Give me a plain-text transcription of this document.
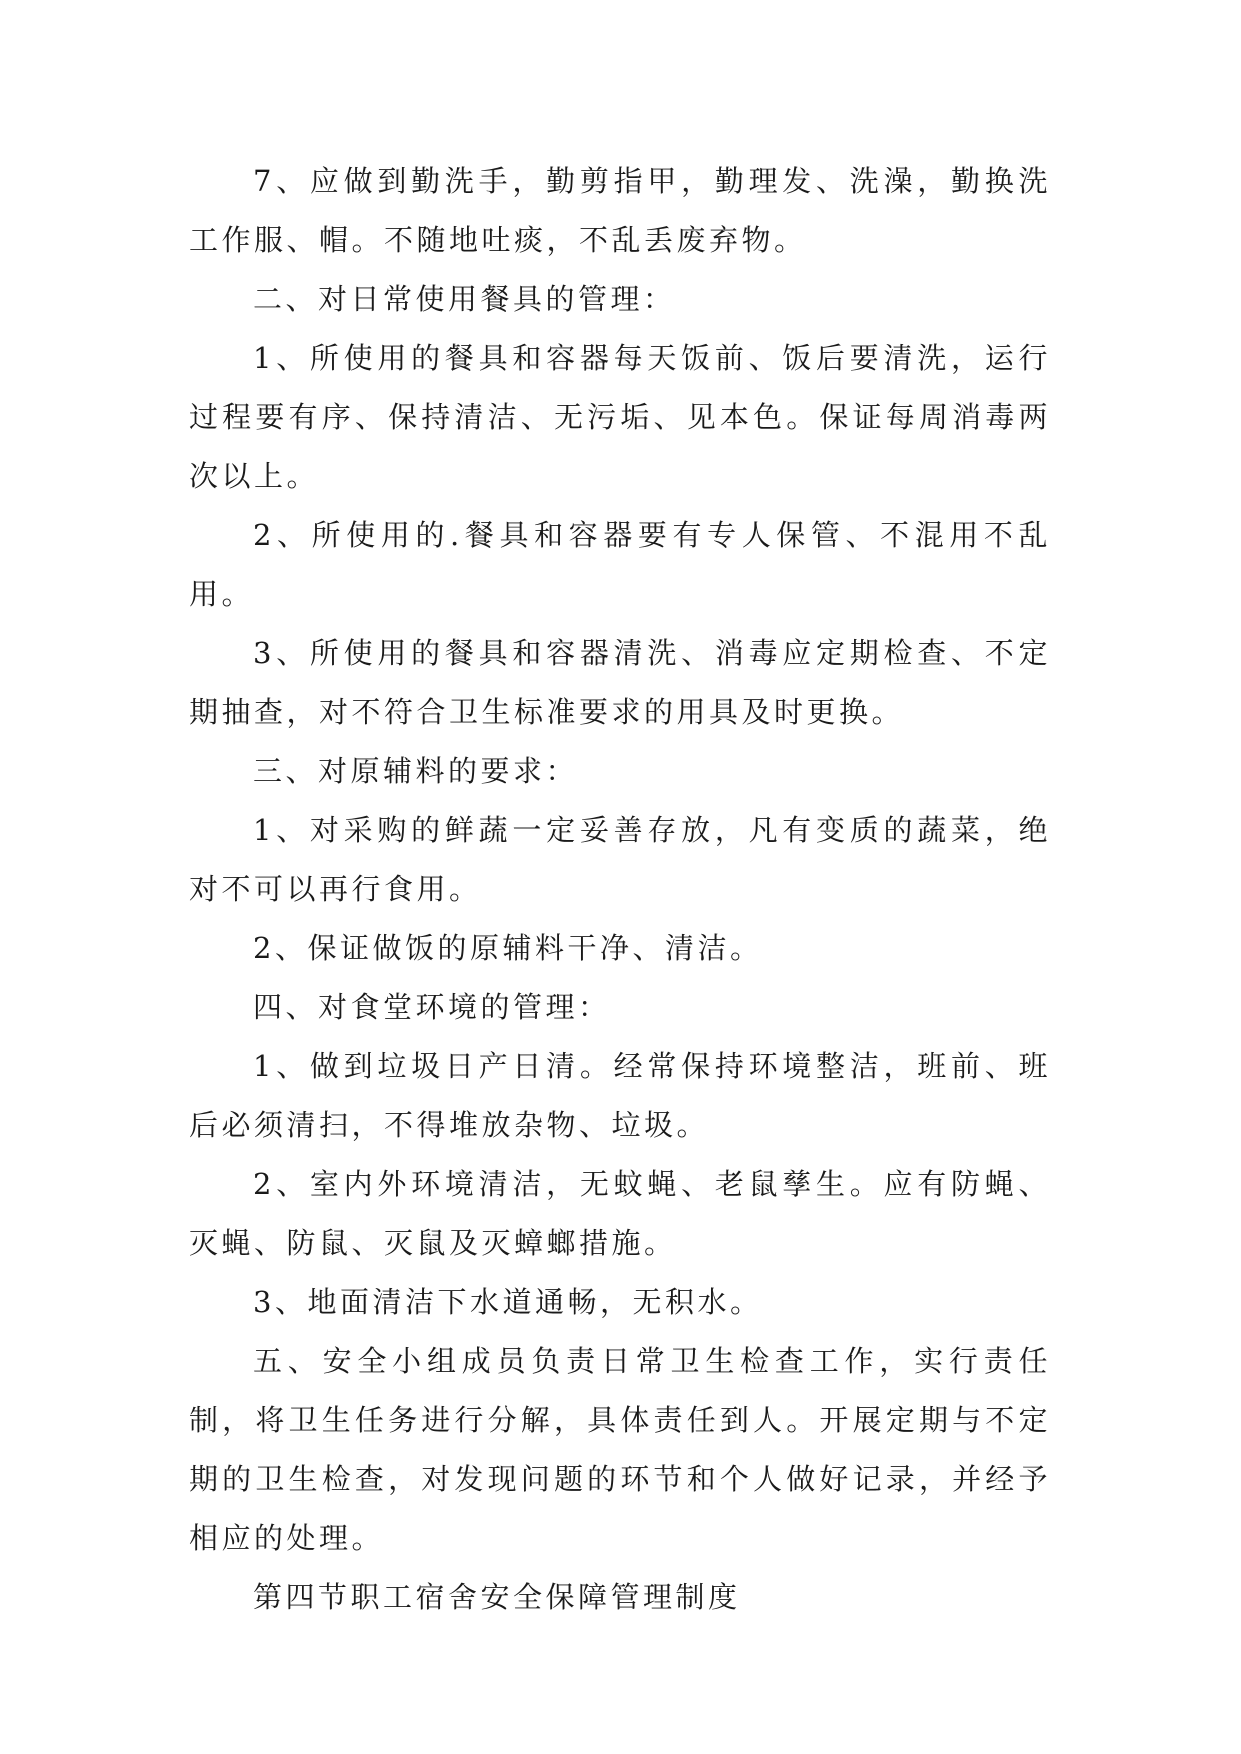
7、应做到勤洗手，勤剪指甲，勤理发、洗澡，勤换洗工作服、帽。不随地吐痰，不乱丢废弃物。

二、对日常使用餐具的管理：

1、所使用的餐具和容器每天饭前、饭后要清洗，运行过程要有序、保持清洁、无污垢、见本色。保证每周消毒两次以上。

2、所使用的.餐具和容器要有专人保管、不混用不乱用。

3、所使用的餐具和容器清洗、消毒应定期检查、不定期抽查，对不符合卫生标准要求的用具及时更换。

三、对原辅料的要求：

1、对采购的鲜蔬一定妥善存放，凡有变质的蔬菜，绝对不可以再行食用。

2、保证做饭的原辅料干净、清洁。

四、对食堂环境的管理：

1、做到垃圾日产日清。经常保持环境整洁，班前、班后必须清扫，不得堆放杂物、垃圾。

2、室内外环境清洁，无蚊蝇、老鼠孳生。应有防蝇、灭蝇、防鼠、灭鼠及灭蟑螂措施。

3、地面清洁下水道通畅，无积水。

五、安全小组成员负责日常卫生检查工作，实行责任制，将卫生任务进行分解，具体责任到人。开展定期与不定期的卫生检查，对发现问题的环节和个人做好记录，并经予相应的处理。

第四节职工宿舍安全保障管理制度
